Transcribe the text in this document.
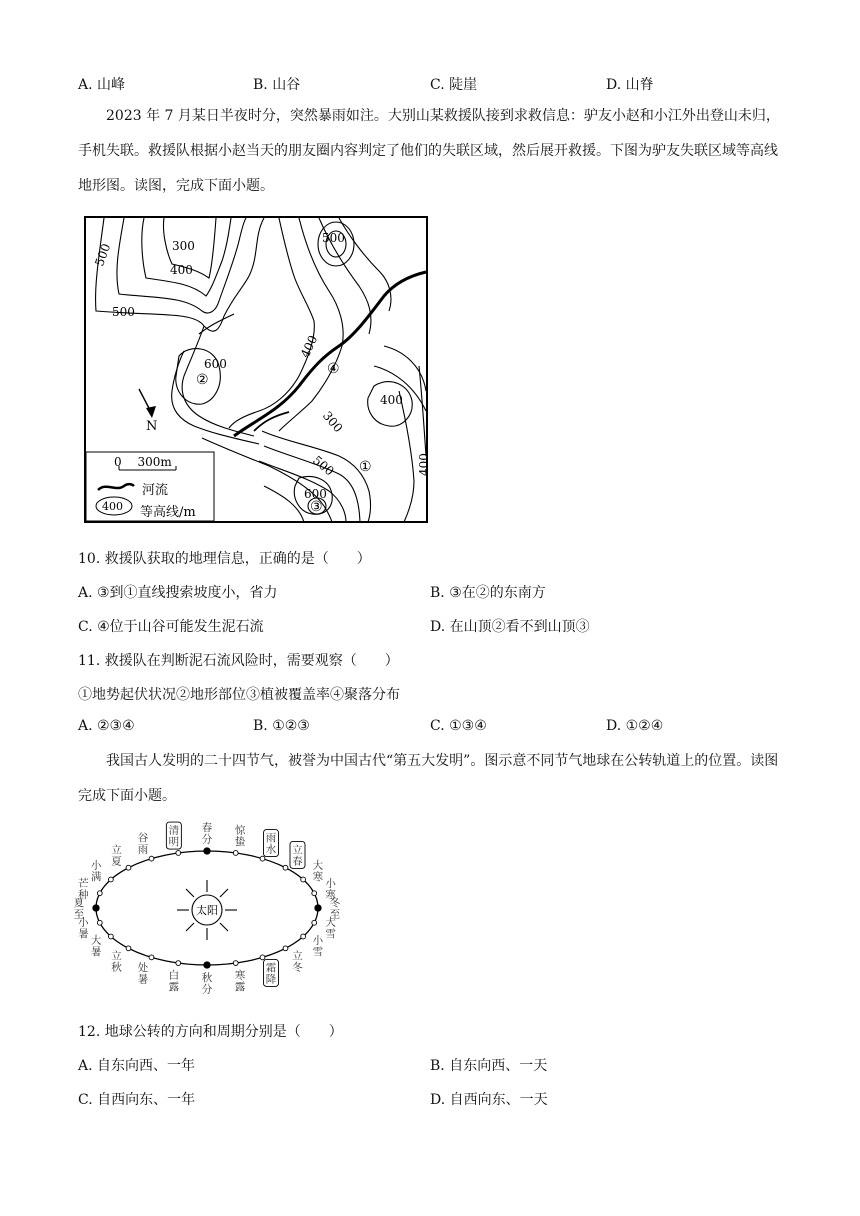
A. 山峰	B. 山谷	C. 陡崖	D. 山脊
2023 年 7 月某日半夜时分，突然暴雨如注。大别山某救援队接到求救信息：驴友小赵和小江外出登山未归，手机失联。救援队根据小赵当天的朋友圈内容判定了他们的失联区域，然后展开救援。下图为驴友失联区域等高线地形图。读图，完成下面小题。
500	300
400
500
500
600
400
300
400
400
500
600
②
④
①
③
N
0　 300m
河流
400 等高线/m
10. 救援队获取的地理信息，正确的是（　　）
A. ③到①直线搜索坡度小，省力	B. ③在②的东南方
C. ④位于山谷可能发生泥石流	D. 在山顶②看不到山顶③
11. 救援队在判断泥石流风险时，需要观察（　　）
①地势起伏状况②地形部位③植被覆盖率④聚落分布
A. ②③④	B. ①②③	C. ①③④	D. ①②④
我国古人发明的二十四节气，被誉为中国古代“第五大发明”。图示意不同节气地球在公转轨道上的位置。读图完成下面小题。
太阳
春分
惊蛰 雨水 立春 大寒
小寒
冬至
大雪
小雪
立冬
霜降
寒露
秋分
白露
处暑
立秋
大暑
小暑
夏至
芒种
小满
立夏
谷雨
清明
12. 地球公转的方向和周期分别是（　　）
A. 自东向西、一年	B. 自东向西、一天
C. 自西向东、一年	D. 自西向东、一天
